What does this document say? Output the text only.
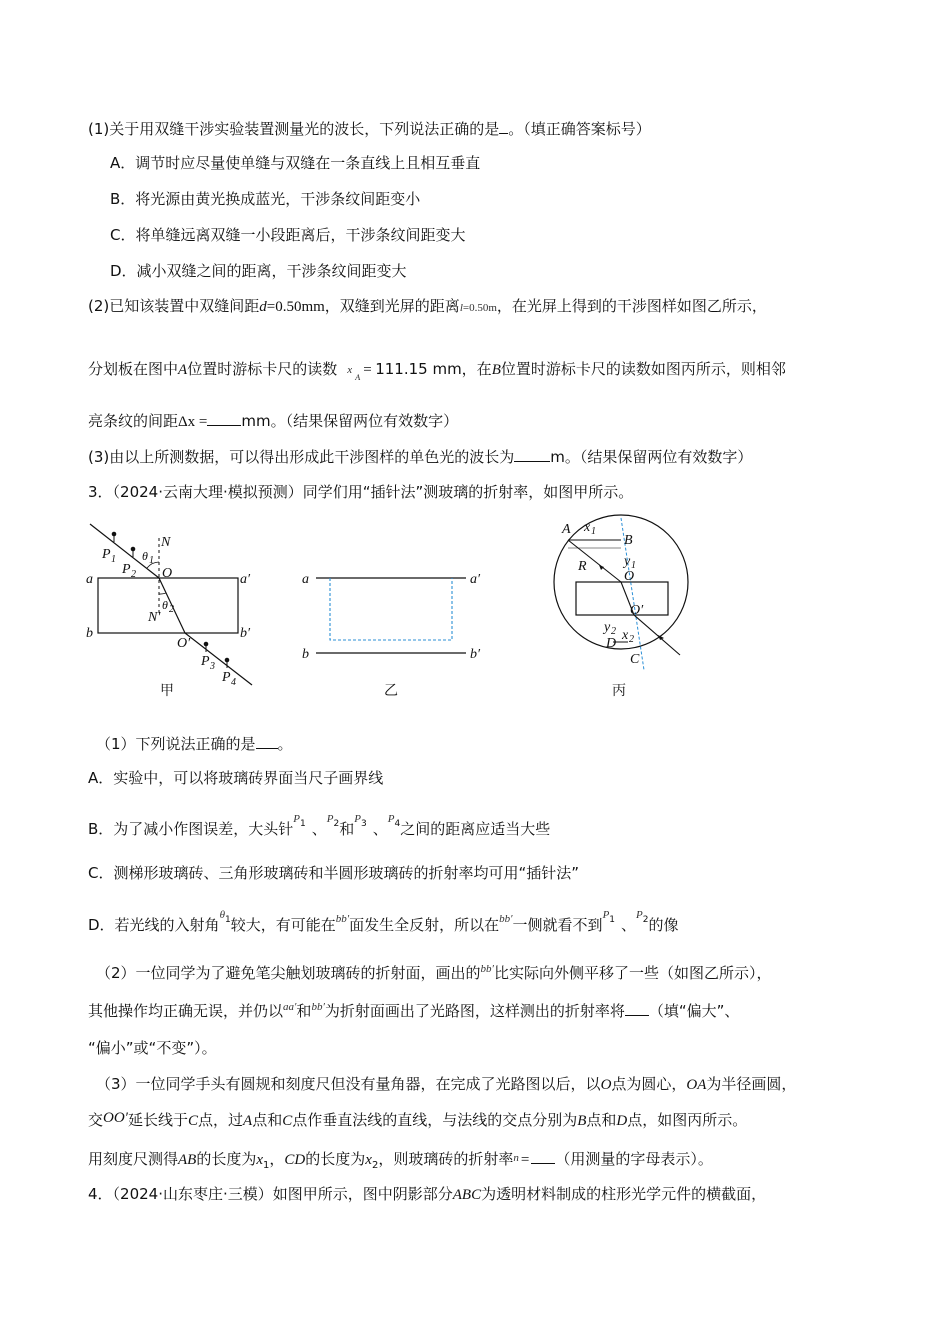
(1)关于用双缝干涉实验装置测量光的波长，下列说法正确的是 。（填正确答案标号）
A．调节时应尽量使单缝与双缝在一条直线上且相互垂直
B．将光源由黄光换成蓝光，干涉条纹间距变小
C．将单缝远离双缝一小段距离后，干涉条纹间距变大
D．减小双缝之间的距离，干涉条纹间距变大
(2)已知该装置中双缝间距d=0.50mm，双缝到光屏的距离l=0.50m，在光屏上得到的干涉图样如图乙所示，
分划板在图中A位置时游标卡尺的读数 x
A = 111.15 mm，在B位置时游标卡尺的读数如图丙所示，则相邻
亮条纹的间距Δx = mm。（结果保留两位有效数字）
(3)由以上所测数据，可以得出形成此干涉图样的单色光的波长为 m。（结果保留两位有效数字）
3．（2024·云南大理·模拟预测）同学们用“插针法”测玻璃的折射率，如图甲所示。
P 1
P 2
θ 1
N
O
θ 2
N′
a	a′
b	b′
O′
P 3
P 4
甲
a	a′
b	b′
乙
A x 1
B
y 1
R
O
O′
y 2 x 2
D
C
丙
（1）下列说法正确的是 。
A．实验中，可以将玻璃砖界面当尺子画界线
B．为了减小作图误差，大头针$^{P1}$ 、$^{P2}$和$^{P3}$ 、$^{P4}$之间的距离应适当大些
C．测梯形玻璃砖、三角形玻璃砖和半圆形玻璃砖的折射率均可用“插针法”
D．若光线的入射角$^{\theta 1}$较大，有可能在$^{bb'}$面发生全反射，所以在$^{bb'}$一侧就看不到$^{P1}$ 、$^{P2}$的像
（2）一位同学为了避免笔尖触划玻璃砖的折射面，画出的$^{bb'}$比实际向外侧平移了一些（如图乙所示），
其他操作均正确无误，并仍以$^{aa'}$和$^{bb'}$为折射面画出了光路图，这样测出的折射率将 （填“偏大”、
“偏小”或“不变”）。
（3）一位同学手头有圆规和刻度尺但没有量角器，在完成了光路图以后，以O点为圆心，OA为半径画圆，
交OO′延长线于C点，过A点和C点作垂直法线的直线，与法线的交点分别为B点和D点，如图丙所示。
用刻度尺测得AB的长度为$x_1$，CD的长度为$x_2$，则玻璃砖的折射率$^n$ = （用测量的字母表示）。
4．（2024·山东枣庄·三模）如图甲所示，图中阴影部分ABC为透明材料制成的柱形光学元件的横截面，
